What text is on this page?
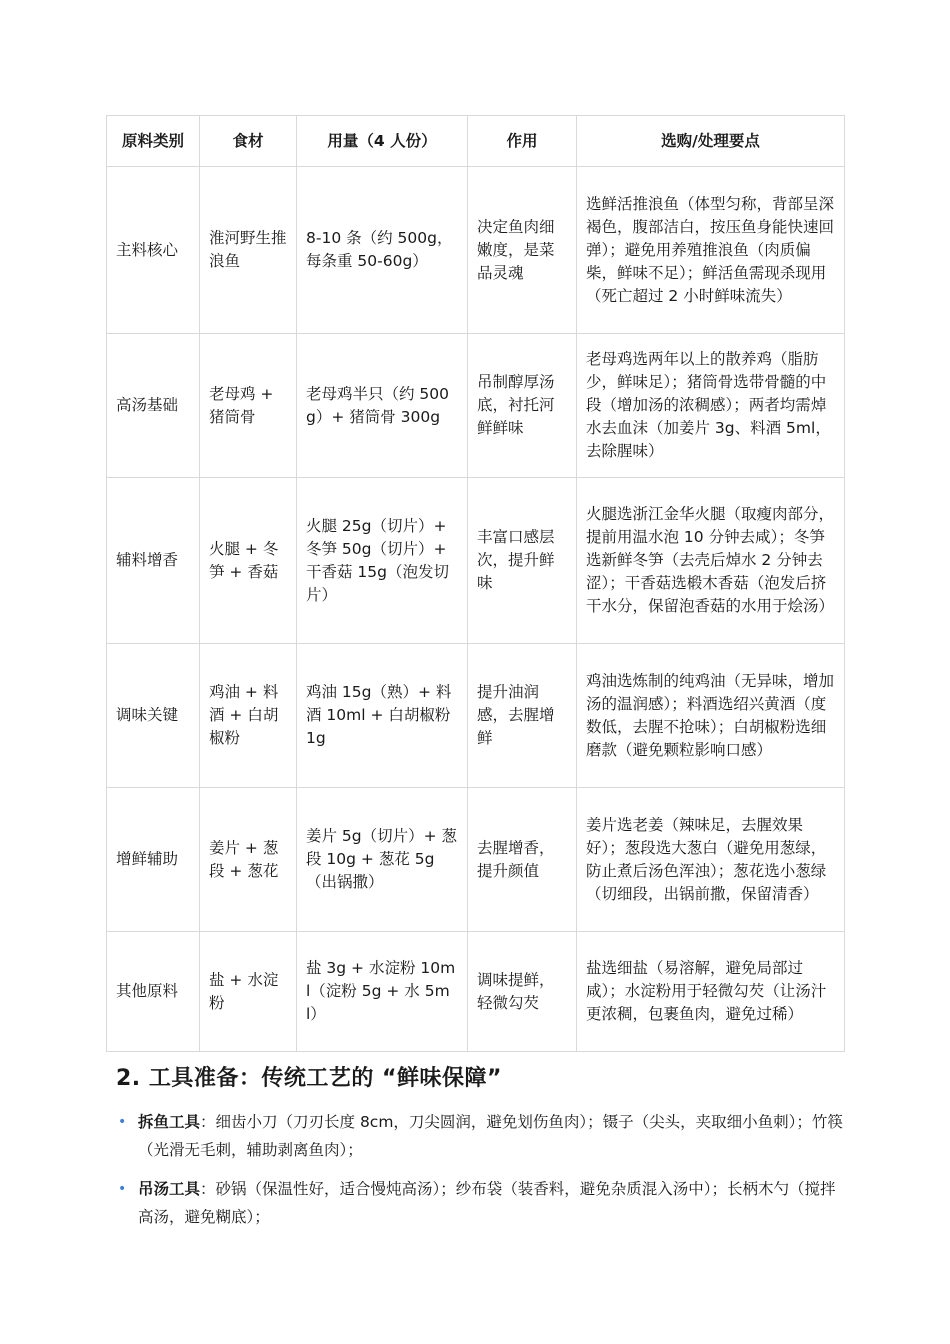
原料类别	食材	用量（4 人份）	作用	选购/处理要点
主料核心	淮河野生推浪鱼	8-10 条（约 500g，每条重 50-60g）	决定鱼肉细嫩度，是菜品灵魂	选鲜活推浪鱼（体型匀称，背部呈深褐色，腹部洁白，按压鱼身能快速回弹）；避免用养殖推浪鱼（肉质偏柴，鲜味不足）；鲜活鱼需现杀现用（死亡超过 2 小时鲜味流失）
高汤基础	老母鸡 + 猪筒骨	老母鸡半只（约 500g）+ 猪筒骨 300g	吊制醇厚汤底，衬托河鲜鲜味	老母鸡选两年以上的散养鸡（脂肪少，鲜味足）；猪筒骨选带骨髓的中段（增加汤的浓稠感）；两者均需焯水去血沫（加姜片 3g、料酒 5ml，去除腥味）
辅料增香	火腿 + 冬笋 + 香菇	火腿 25g（切片）+ 冬笋 50g（切片）+ 干香菇 15g（泡发切片）	丰富口感层次，提升鲜味	火腿选浙江金华火腿（取瘦肉部分，提前用温水泡 10 分钟去咸）；冬笋选新鲜冬笋（去壳后焯水 2 分钟去涩）；干香菇选椴木香菇（泡发后挤干水分，保留泡香菇的水用于烩汤）
调味关键	鸡油 + 料酒 + 白胡椒粉	鸡油 15g（熟）+ 料酒 10ml + 白胡椒粉 1g	提升油润感，去腥增鲜	鸡油选炼制的纯鸡油（无异味，增加汤的温润感）；料酒选绍兴黄酒（度数低，去腥不抢味）；白胡椒粉选细磨款（避免颗粒影响口感）
增鲜辅助	姜片 + 葱段 + 葱花	姜片 5g（切片）+ 葱段 10g + 葱花 5g（出锅撒）	去腥增香，提升颜值	姜片选老姜（辣味足，去腥效果好）；葱段选大葱白（避免用葱绿，防止煮后汤色浑浊）；葱花选小葱绿（切细段，出锅前撒，保留清香）
其他原料	盐 + 水淀粉	盐 3g + 水淀粉 10ml（淀粉 5g + 水 5ml）	调味提鲜，轻微勾芡	盐选细盐（易溶解，避免局部过咸）；水淀粉用于轻微勾芡（让汤汁更浓稠，包裹鱼肉，避免过稀）
2. 工具准备：传统工艺的 “鲜味保障”
• 拆鱼工具：细齿小刀（刀刃长度 8cm，刀尖圆润，避免划伤鱼肉）；镊子（尖头，夹取细小鱼刺）；竹筷（光滑无毛刺，辅助剥离鱼肉）；
• 吊汤工具：砂锅（保温性好，适合慢炖高汤）；纱布袋（装香料，避免杂质混入汤中）；长柄木勺（搅拌高汤，避免糊底）；
